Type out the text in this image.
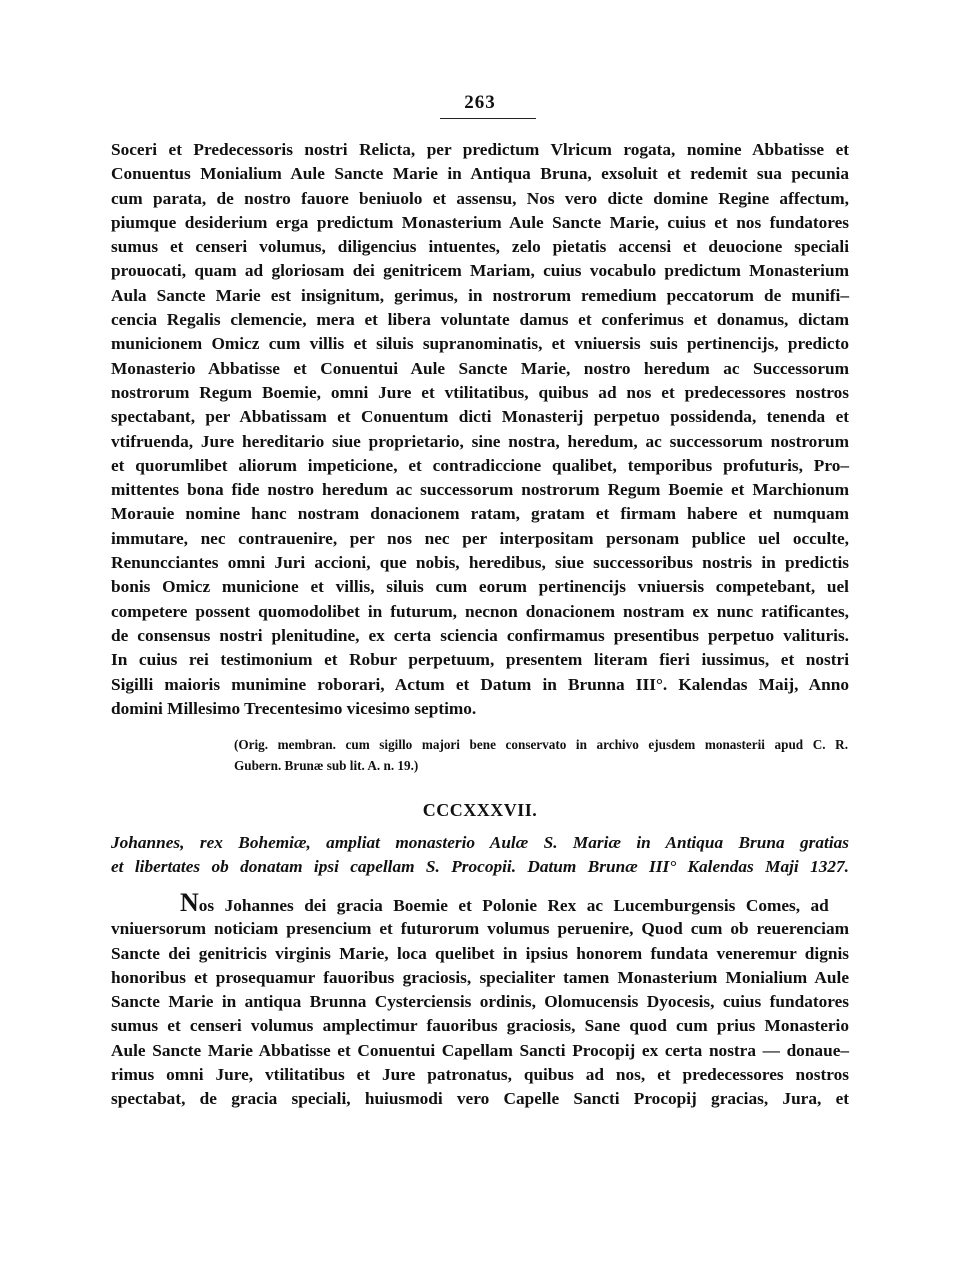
263
Soceri et Predecessoris nostri Relicta, per predictum Vlricum rogata, nomine Abbatisse et
Conuentus Monialium Aule Sancte Marie in Antiqua Bruna, exsoluit et redemit sua pecunia
cum parata, de nostro fauore beniuolo et assensu, Nos vero dicte domine Regine affectum,
piumque desiderium erga predictum Monasterium Aule Sancte Marie, cuius et nos fundatores
sumus et censeri volumus, diligencius intuentes, zelo pietatis accensi et deuocione speciali
prouocati, quam ad gloriosam dei genitricem Mariam, cuius vocabulo predictum Monasterium
Aula Sancte Marie est insignitum, gerimus, in nostrorum remedium peccatorum de munifi–
cencia Regalis clemencie, mera et libera voluntate damus et conferimus et donamus, dictam
municionem Omicz cum villis et siluis supranominatis, et vniuersis suis pertinencijs, predicto
Monasterio Abbatisse et Conuentui Aule Sancte Marie, nostro heredum ac Successorum
nostrorum Regum Boemie, omni Jure et vtilitatibus, quibus ad nos et predecessores nostros
spectabant, per Abbatissam et Conuentum dicti Monasterij perpetuo possidenda, tenenda et
vtifruenda, Jure hereditario siue proprietario, sine nostra, heredum, ac successorum nostrorum
et quorumlibet aliorum impeticione, et contradiccione qualibet, temporibus profuturis, Pro–
mittentes bona fide nostro heredum ac successorum nostrorum Regum Boemie et Marchionum
Morauie nomine hanc nostram donacionem ratam, gratam et firmam habere et numquam
immutare, nec contrauenire, per nos nec per interpositam personam publice uel occulte,
Renuncciantes omni Juri accioni, que nobis, heredibus, siue successoribus nostris in predictis
bonis Omicz municione et villis, siluis cum eorum pertinencijs vniuersis competebant, uel
competere possent quomodolibet in futurum, necnon donacionem nostram ex nunc ratificantes,
de consensus nostri plenitudine, ex certa sciencia confirmamus presentibus perpetuo valituris.
In cuius rei testimonium et Robur perpetuum, presentem literam fieri iussimus, et nostri
Sigilli maioris munimine roborari, Actum et Datum in Brunna III°. Kalendas Maij, Anno
domini Millesimo Trecentesimo vicesimo septimo.
(Orig. membran. cum sigillo majori bene conservato in archivo ejusdem monasterii apud C. R.
Gubern. Brunæ sub lit. A. n. 19.)
CCCXXXVII.
Johannes, rex Bohemiæ, ampliat monasterio Aulæ S. Mariæ in Antiqua Bruna gratias
et libertates ob donatam ipsi capellam S. Procopii. Datum Brunæ III° Kalendas Maji 1327.
Nos Johannes dei gracia Boemie et Polonie Rex ac Lucemburgensis Comes, ad
vniuersorum noticiam presencium et futurorum volumus peruenire, Quod cum ob reuerenciam
Sancte dei genitricis virginis Marie, loca quelibet in ipsius honorem fundata veneremur dignis
honoribus et prosequamur fauoribus graciosis, specialiter tamen Monasterium Monialium Aule
Sancte Marie in antiqua Brunna Cysterciensis ordinis, Olomucensis Dyocesis, cuius fundatores
sumus et censeri volumus amplectimur fauoribus graciosis, Sane quod cum prius Monasterio
Aule Sancte Marie Abbatisse et Conuentui Capellam Sancti Procopij ex certa nostra — donaue–
rimus omni Jure, vtilitatibus et Jure patronatus, quibus ad nos, et predecessores nostros
spectabat, de gracia speciali, huiusmodi vero Capelle Sancti Procopij gracias, Jura, et
